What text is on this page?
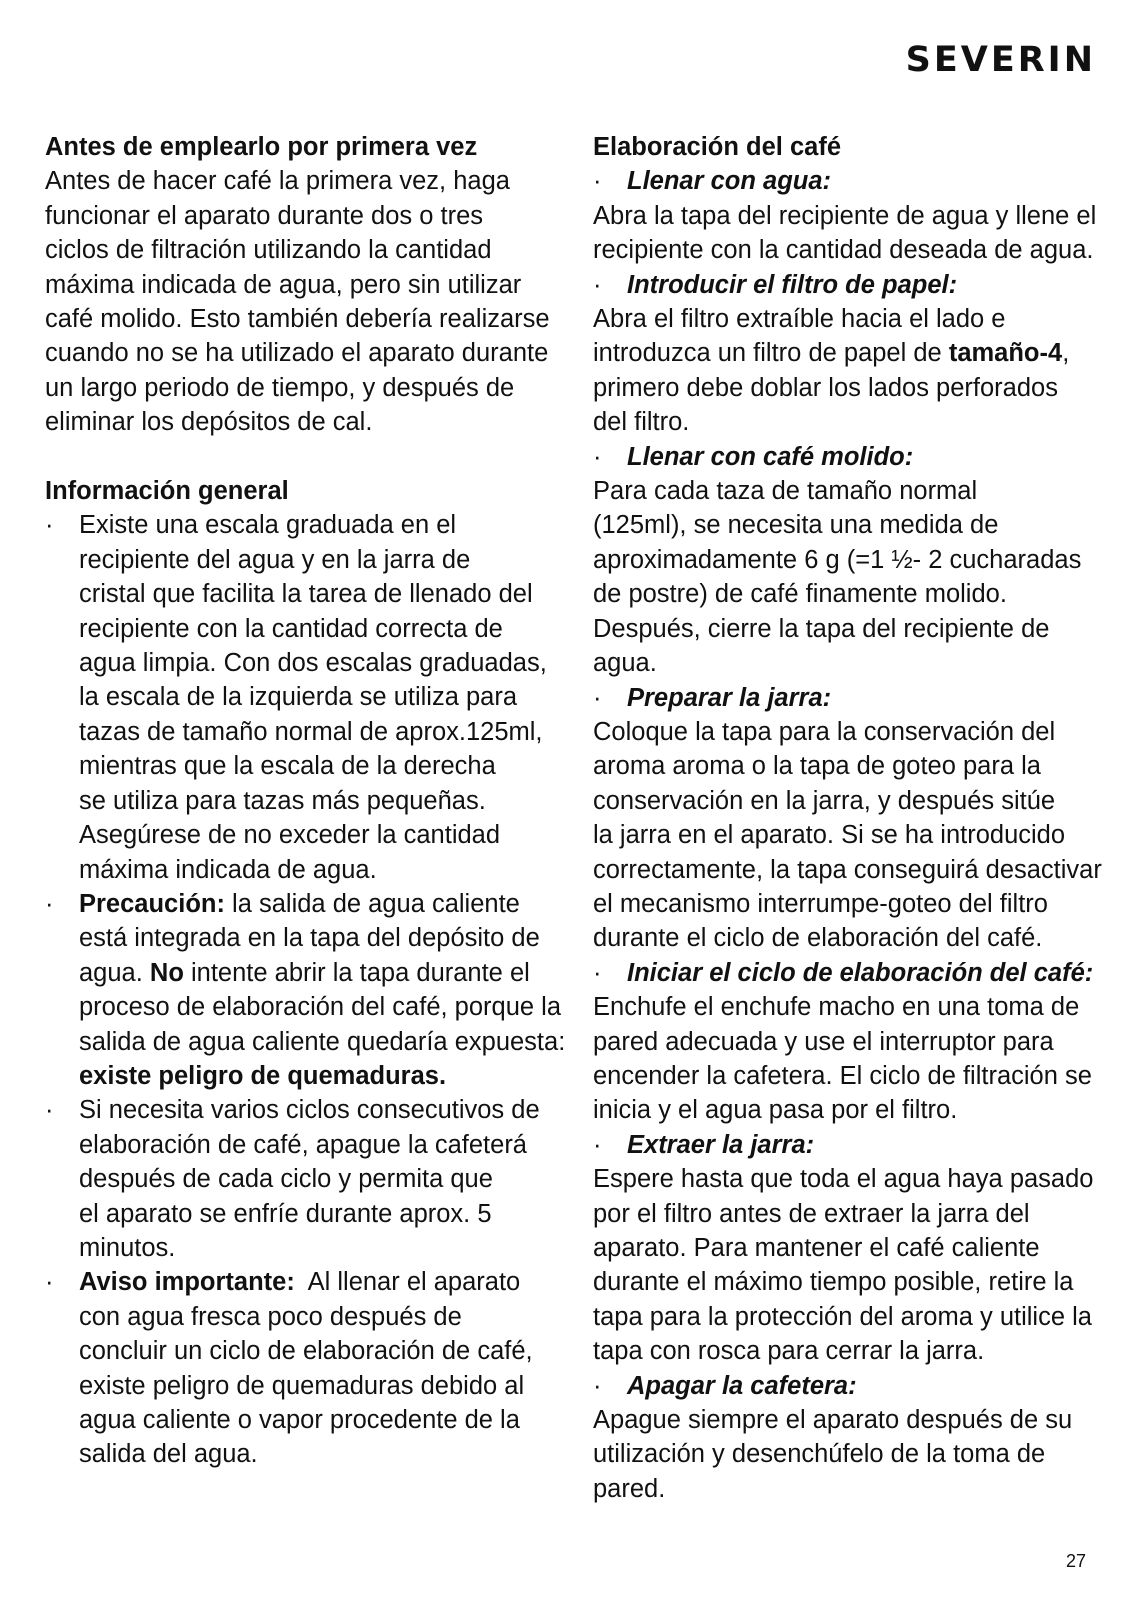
SEVERIN
Antes de emplearlo por primera vez
Antes de hacer café la primera vez, haga
funcionar el aparato durante dos o tres
ciclos de filtración utilizando la cantidad
máxima indicada de agua, pero sin utilizar
café molido. Esto también debería realizarse
cuando no se ha utilizado el aparato durante
un largo periodo de tiempo, y después de
eliminar los depósitos de cal.
Información general
· Existe una escala graduada en el
recipiente del agua y en la jarra de
cristal que facilita la tarea de llenado del
recipiente con la cantidad correcta de
agua limpia. Con dos escalas graduadas,
la escala de la izquierda se utiliza para
tazas de tamaño normal de aprox.125ml,
mientras que la escala de la derecha
se utiliza para tazas más pequeñas.
Asegúrese de no exceder la cantidad
máxima indicada de agua.
· Precaución: la salida de agua caliente
está integrada en la tapa del depósito de
agua. No intente abrir la tapa durante el
proceso de elaboración del café, porque la
salida de agua caliente quedaría expuesta:
existe peligro de quemaduras.
· Si necesita varios ciclos consecutivos de
elaboración de café, apague la cafeterá
después de cada ciclo y permita que
el aparato se enfríe durante aprox. 5
minutos.
· Aviso importante:  Al llenar el aparato
con agua fresca poco después de
concluir un ciclo de elaboración de café,
existe peligro de quemaduras debido al
agua caliente o vapor procedente de la
salida del agua.
Elaboración del café
· Llenar con agua:
Abra la tapa del recipiente de agua y llene el
recipiente con la cantidad deseada de agua.
· Introducir el filtro de papel:
Abra el filtro extraíble hacia el lado e
introduzca un filtro de papel de tamaño-4,
primero debe doblar los lados perforados
del filtro.
· Llenar con café molido:
Para cada taza de tamaño normal
(125ml), se necesita una medida de
aproximadamente 6 g (=1 ½- 2 cucharadas
de postre) de café finamente molido.
Después, cierre la tapa del recipiente de
agua.
· Preparar la jarra:
Coloque la tapa para la conservación del
aroma aroma o la tapa de goteo para la
conservación en la jarra, y después sitúe
la jarra en el aparato. Si se ha introducido
correctamente, la tapa conseguirá desactivar
el mecanismo interrumpe-goteo del filtro
durante el ciclo de elaboración del café.
· Iniciar el ciclo de elaboración del café:
Enchufe el enchufe macho en una toma de
pared adecuada y use el interruptor para
encender la cafetera. El ciclo de filtración se
inicia y el agua pasa por el filtro.
· Extraer la jarra:
Espere hasta que toda el agua haya pasado
por el filtro antes de extraer la jarra del
aparato. Para mantener el café caliente
durante el máximo tiempo posible, retire la
tapa para la protección del aroma y utilice la
tapa con rosca para cerrar la jarra.
· Apagar la cafetera:
Apague siempre el aparato después de su
utilización y desenchúfelo de la toma de
pared.
27
